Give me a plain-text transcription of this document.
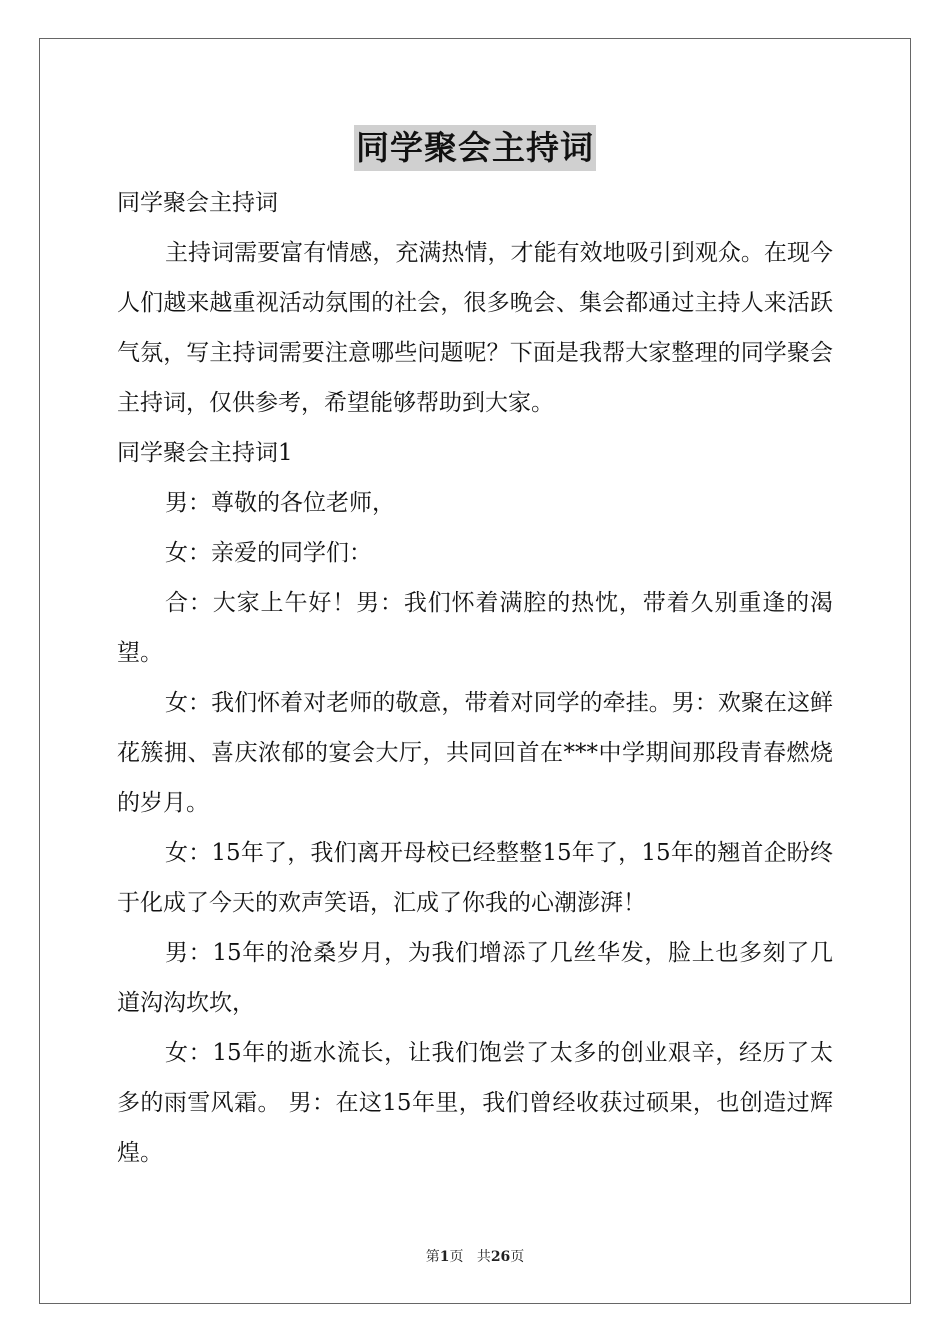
同学聚会主持词

同学聚会主持词

主持词需要富有情感，充满热情，才能有效地吸引到观众。在现今人们越来越重视活动氛围的社会，很多晚会、集会都通过主持人来活跃气氛，写主持词需要注意哪些问题呢？下面是我帮大家整理的同学聚会主持词，仅供参考，希望能够帮助到大家。

同学聚会主持词1

男：尊敬的各位老师，

女：亲爱的同学们：

合：大家上午好！男：我们怀着满腔的热忱，带着久别重逢的渴望。

女：我们怀着对老师的敬意，带着对同学的牵挂。男：欢聚在这鲜花簇拥、喜庆浓郁的宴会大厅，共同回首在***中学期间那段青春燃烧的岁月。

女：15年了，我们离开母校已经整整15年了，15年的翘首企盼终于化成了今天的欢声笑语，汇成了你我的心潮澎湃！

男：15年的沧桑岁月，为我们增添了几丝华发，脸上也多刻了几道沟沟坎坎，

女：15年的逝水流长，让我们饱尝了太多的创业艰辛，经历了太多的雨雪风霜。 男：在这15年里，我们曾经收获过硕果，也创造过辉煌。

第1页 共26页
